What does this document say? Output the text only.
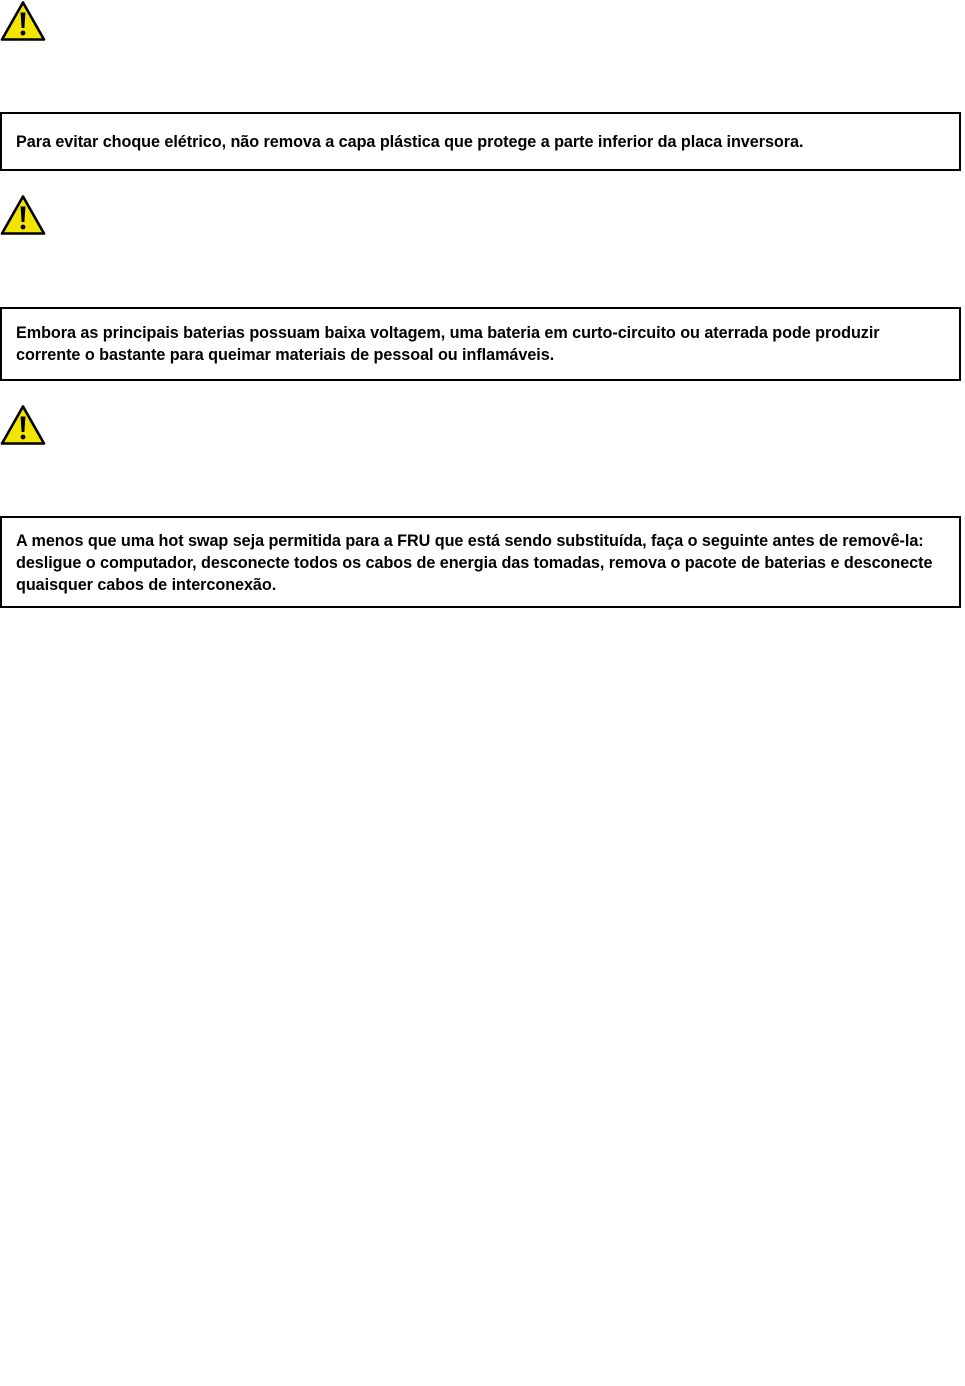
Para evitar choque elétrico, não remova a capa plástica que protege a parte inferior da placa inversora.

Embora as principais baterias possuam baixa voltagem, uma bateria em curto-circuito ou aterrada pode produzir corrente o bastante para queimar materiais de pessoal ou inflamáveis.

A menos que uma hot swap seja permitida para a FRU que está sendo substituída, faça o seguinte antes de removê-la: desligue o computador, desconecte todos os cabos de energia das tomadas, remova o pacote de baterias e desconecte quaisquer cabos de interconexão.
